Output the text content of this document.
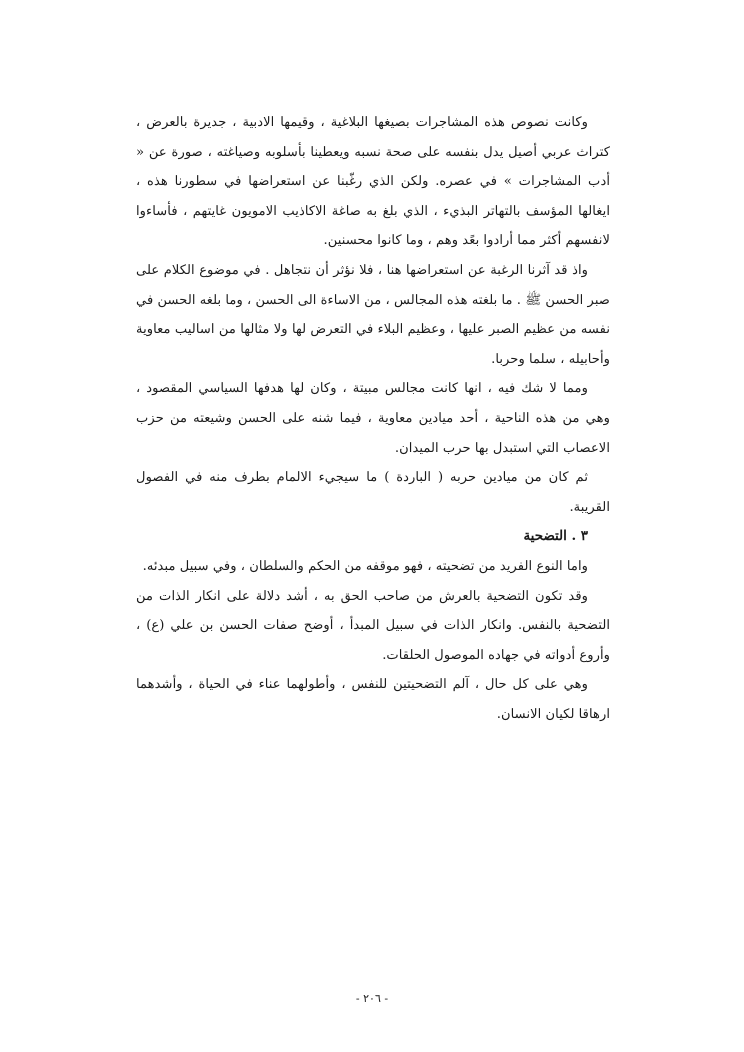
وكانت نصوص هذه المشاجرات بصيغها البلاغية ، وقيمها الادبية ، جديرة بالعرض ، كتراث عربي أصيل يدل بنفسه على صحة نسبه ويعطينا بأسلوبه وصياغته ، صورة عن « أدب المشاجرات » في عصره. ولكن الذي رغّبنا عن استعراضها في سطورنا هذه ، ايغالها المؤسف بالتهاتر البذيء ، الذي بلغ به صاغة الاكاذيب الامويون غايتهم ، فأساءوا لانفسهم أكثر مما أرادوا بعًد وهم ، وما كانوا محسنين.

واذ قد آثرنا الرغبة عن استعراضها هنا ، فلا نؤثر أن نتجاهل . في موضوع الكلام على صبر الحسن ﷺ . ما بلغته هذه المجالس ، من الاساءة الى الحسن ، وما بلغه الحسن في نفسه من عظيم الصبر عليها ، وعظيم البلاء في التعرض لها ولا مثالها من اساليب معاوية وأحابيله ، سلما وحربا.

ومما لا شك فيه ، انها كانت مجالس مبيتة ، وكان لها هدفها السياسي المقصود ، وهي من هذه الناحية ، أحد ميادين معاوية ، فيما شنه على الحسن وشيعته من حزب الاعصاب التي استبدل بها حرب الميدان.

ثم كان من ميادين حربه ( الباردة ) ما سيجيء الالمام بطرف منه في الفصول القريبة.

٣ . التضحية

واما النوع الفريد من تضحيته ، فهو موقفه من الحكم والسلطان ، وفي سبيل مبدئه.

وقد تكون التضحية بالعرش من صاحب الحق به ، أشد دلالة على انكار الذات من التضحية بالنفس. وانكار الذات في سبيل المبدأ ، أوضح صفات الحسن بن علي (ع) ، وأروع أدواته في جهاده الموصول الحلقات.

وهي على كل حال ، آلم التضحيتين للنفس ، وأطولهما عناء في الحياة ، وأشدهما ارهاقا لكيان الانسان.

- ٢٠٦ -
